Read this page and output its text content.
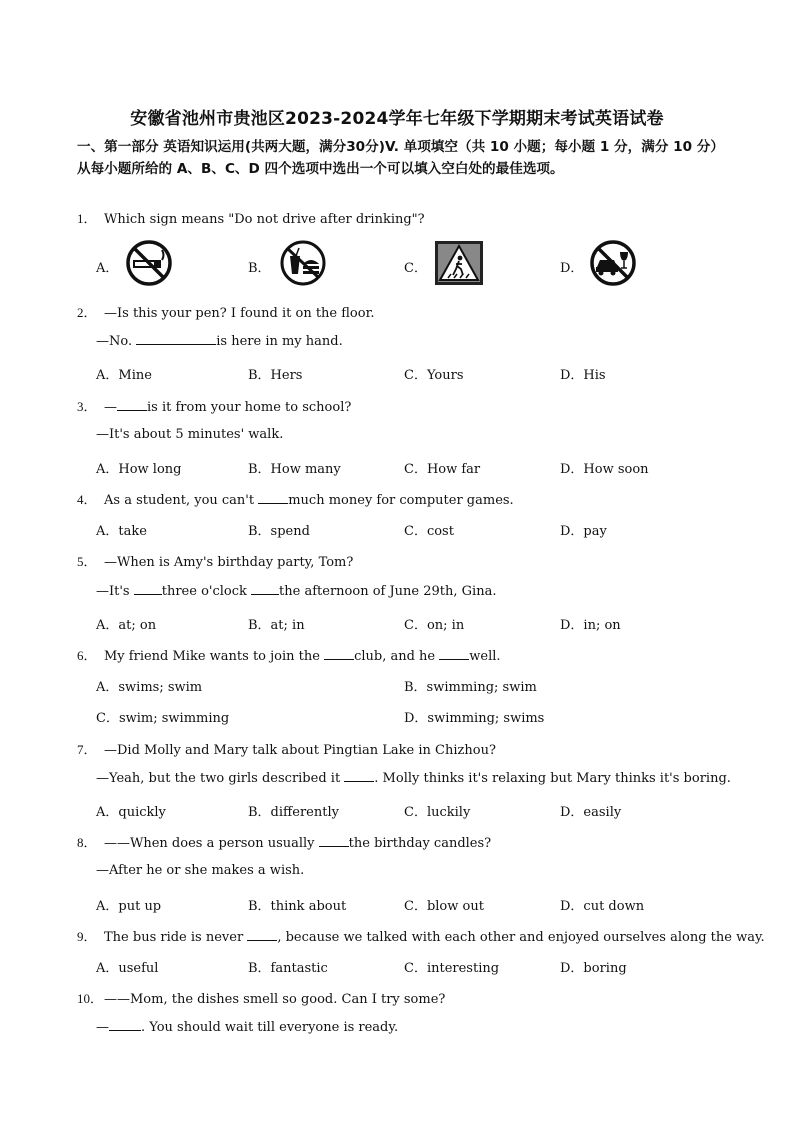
安徽省池州市贵池区2023-2024学年七年级下学期期末考试英语试卷
一、第一部分 英语知识运用(共两大题，满分30分)V. 单项填空（共 10 小题；每小题 1 分，满分 10 分）从每小题所给的 A、B、C、D 四个选项中选出一个可以填入空白处的最佳选项。
1． Which sign means "Do not drive after drinking"?
A．	B．	C．	D．
2． —Is this your pen? I found it on the floor.
—No.	is here in my hand.
A．Mine	B．Hers	C．Yours	D．His
3． — is it from your home to school?
—It's about 5 minutes' walk.
A．How long	B．How many	C．How far	D．How soon
4． As a student, you can't much money for computer games.
A．take	B．spend	C．cost	D．pay
5． —When is Amy's birthday party, Tom?
—It's three o'clock the afternoon of June 29th, Gina.
A．at; on	B．at; in	C．on; in	D．in; on
6． My friend Mike wants to join the club, and he well.
A．swims; swim	B．swimming; swim
C．swim; swimming	D．swimming; swims
7． —Did Molly and Mary talk about Pingtian Lake in Chizhou?
—Yeah, but the two girls described it . Molly thinks it's relaxing but Mary thinks it's boring.
A．quickly	B．differently	C．luckily	D．easily
8． ——When does a person usually the birthday candles?
—After he or she makes a wish.
A．put up	B．think about	C．blow out	D．cut down
9． The bus ride is never , because we talked with each other and enjoyed ourselves along the way.
A．useful	B．fantastic	C．interesting	D．boring
10．——Mom, the dishes smell so good. Can I try some?
— . You should wait till everyone is ready.
